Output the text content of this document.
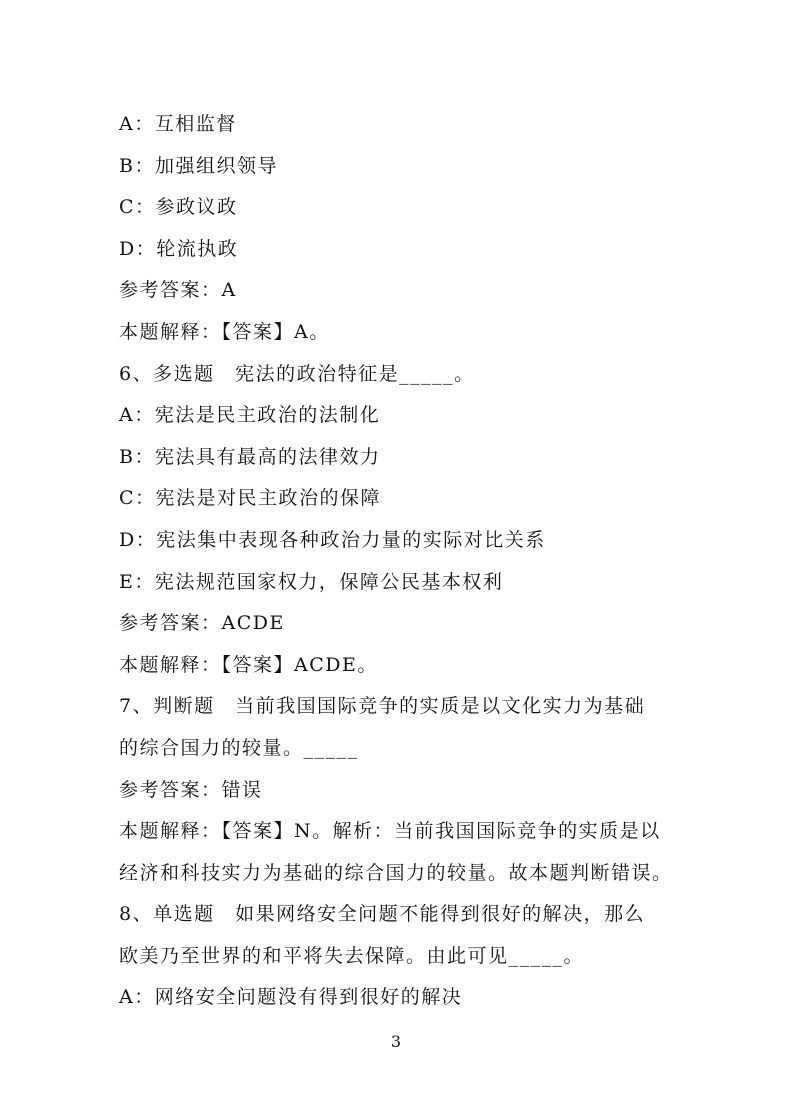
A：互相监督
B：加强组织领导
C：参政议政
D：轮流执政
参考答案：A
本题解释：【答案】A。
6、多选题　宪法的政治特征是_____。
A：宪法是民主政治的法制化
B：宪法具有最高的法律效力
C：宪法是对民主政治的保障
D：宪法集中表现各种政治力量的实际对比关系
E：宪法规范国家权力，保障公民基本权利
参考答案：ACDE
本题解释：【答案】ACDE。
7、判断题　当前我国国际竞争的实质是以文化实力为基础
的综合国力的较量。_____
参考答案：错误
本题解释：【答案】N。解析：当前我国国际竞争的实质是以
经济和科技实力为基础的综合国力的较量。故本题判断错误。
8、单选题　如果网络安全问题不能得到很好的解决，那么
欧美乃至世界的和平将失去保障。由此可见_____。
A：网络安全问题没有得到很好的解决
3
